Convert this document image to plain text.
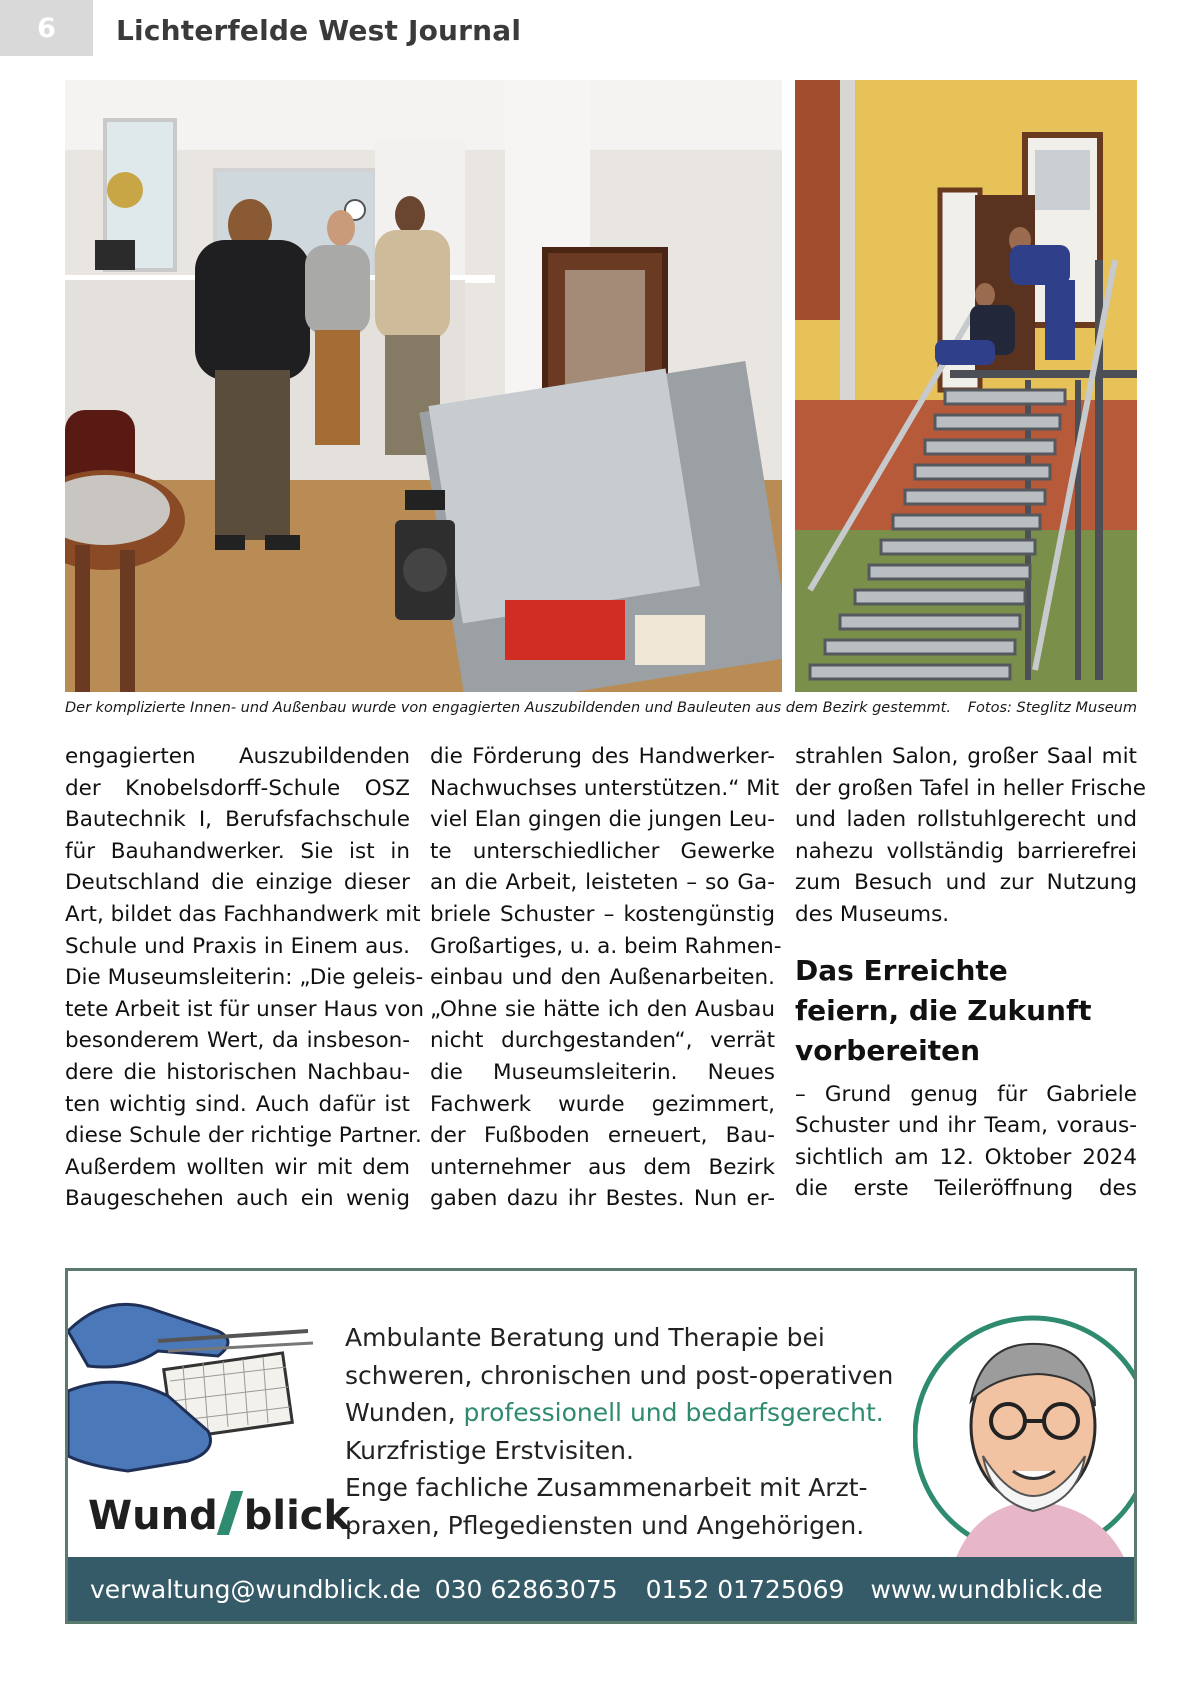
6	Lichterfelde West Journal
Der komplizierte Innen- und Außenbau wurde von engagierten Auszubildenden und Bauleuten aus dem Bezirk gestemmt. Fotos: Steglitz Museum
engagierten Auszubildenden
der Knobelsdorff-Schule OSZ
Bautechnik I, Berufsfachschule
für Bauhandwerker. Sie ist in
Deutschland die einzige dieser
Art, bildet das Fachhandwerk mit
Schule und Praxis in Einem aus.
Die Museumsleiterin: „Die geleis-
tete Arbeit ist für unser Haus von
besonderem Wert, da insbeson-
dere die historischen Nachbau-
ten wichtig sind. Auch dafür ist
diese Schule der richtige Partner.
Außerdem wollten wir mit dem
Baugeschehen auch ein wenig
die Förderung des Handwerker-
Nachwuchses unterstützen.“ Mit
viel Elan gingen die jungen Leu-
te unterschiedlicher Gewerke
an die Arbeit, leisteten – so Ga-
briele Schuster – kostengünstig
Großartiges, u. a. beim Rahmen-
einbau und den Außenarbeiten.
„Ohne sie hätte ich den Ausbau
nicht durchgestanden“, verrät
die Museumsleiterin. Neues
Fachwerk wurde gezimmert,
der Fußboden erneuert, Bau-
unternehmer aus dem Bezirk
gaben dazu ihr Bestes. Nun er-
strahlen Salon, großer Saal mit
der großen Tafel in heller Frische
und laden rollstuhlgerecht und
nahezu vollständig barrierefrei
zum Besuch und zur Nutzung
des Museums.
Das Erreichte
feiern, die Zukunft
vorbereiten
– Grund genug für Gabriele
Schuster und ihr Team, voraus-
sichtlich am 12. Oktober 2024
die erste Teileröffnung des
Wund blick
Ambulante Beratung und Therapie bei
schweren, chronischen und post-operativen
Wunden, professionell und bedarfsgerecht.
Kurzfristige Erstvisiten.
Enge fachliche Zusammenarbeit mit Arzt-
praxen, Pflegediensten und Angehörigen.
verwaltung@wundblick.de 030 62863075 0152 01725069 www.wundblick.de
